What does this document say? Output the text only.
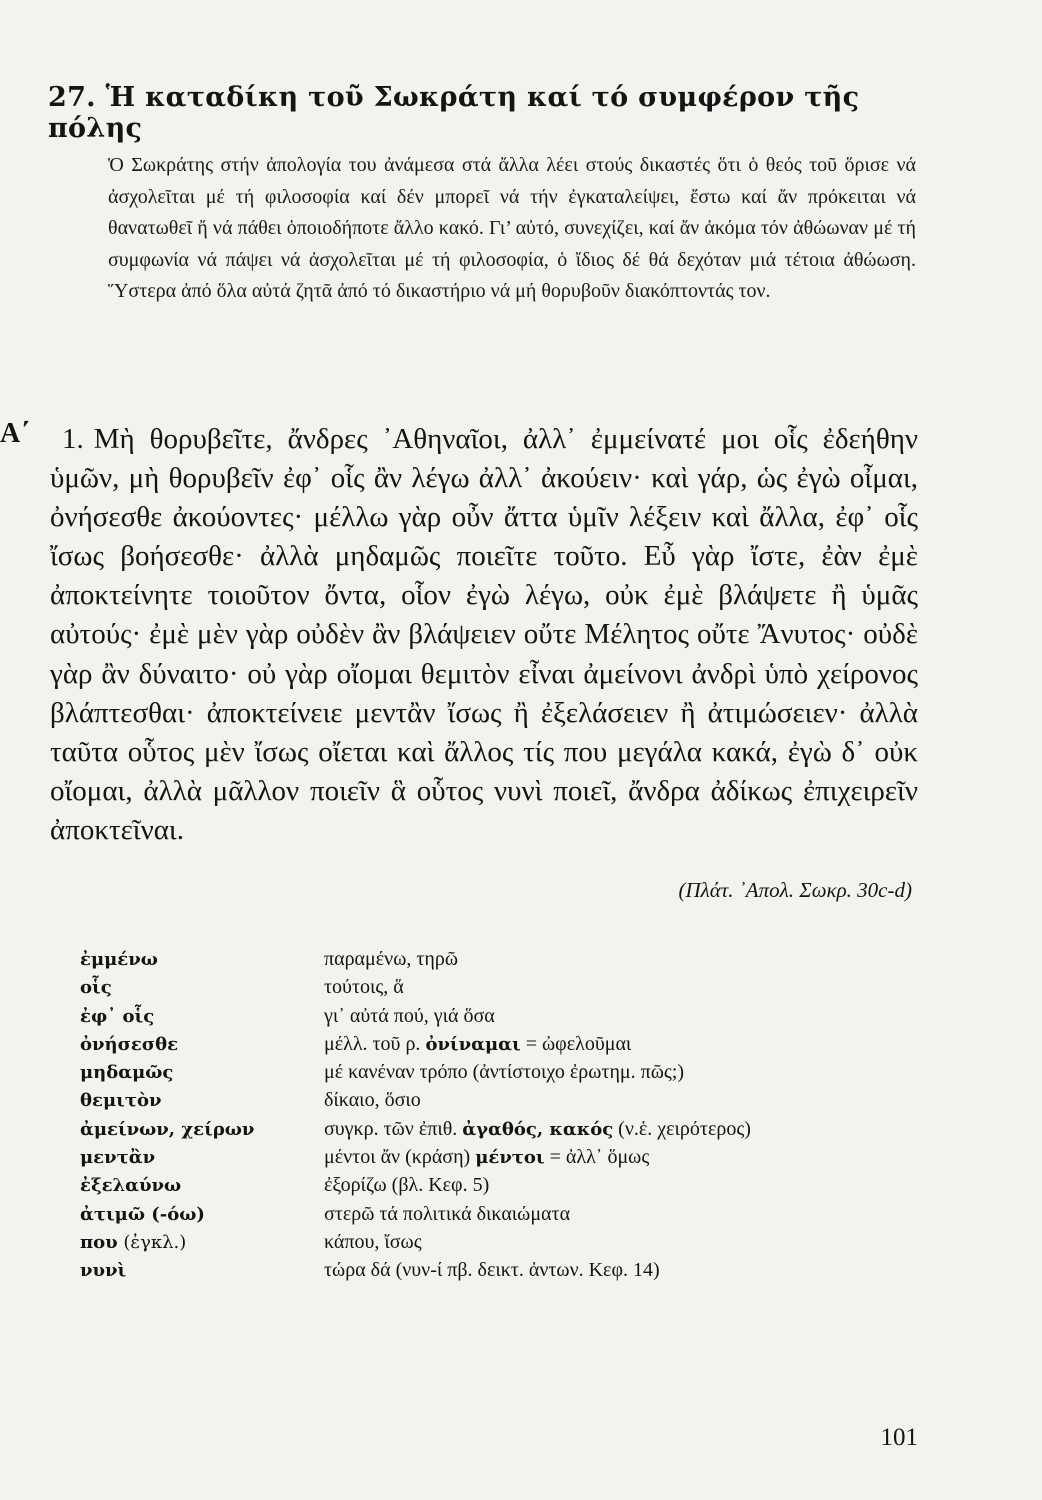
27. Ἡ καταδίκη τοῦ Σωκράτη καί τό συμφέρον τῆς πόλης

Ὁ Σωκράτης στήν ἀπολογία του ἀνάμεσα στά ἄλλα λέει στούς δικαστές ὅτι ὁ θεός τοῦ ὅρισε νά ἀσχολεῖται μέ τή φιλοσοφία καί δέν μπορεῖ νά τήν ἐγκαταλείψει, ἔστω καί ἄν πρόκειται νά θανατωθεῖ ἤ νά πάθει ὁποιοδήποτε ἄλλο κακό. Γι’ αὐτό, συνεχίζει, καί ἄν ἀκόμα τόν ἀθώωναν μέ τή συμφωνία νά πάψει νά ἀσχολεῖται μέ τή φιλοσοφία, ὁ ἴδιος δέ θά δεχόταν μιά τέτοια ἀθώωση. Ὕστερα ἀπό ὅλα αὐτά ζητᾶ ἀπό τό δικαστήριο νά μή θορυβοῦν διακόπτοντάς τον.

Α΄	1. Μὴ θορυβεῖτε, ἄνδρες ᾿Αθηναῖοι, ἀλλ᾿ ἐμμείνατέ μοι οἷς ἐδεήθην ὑμῶν, μὴ θορυβεῖν ἐφ᾿ οἷς ἂν λέγω ἀλλ᾿ ἀκούειν· καὶ γάρ, ὡς ἐγὼ οἶμαι, ὀνήσεσθε ἀκούοντες· μέλλω γὰρ οὖν ἄττα ὑμῖν λέξειν καὶ ἄλλα, ἐφ᾿ οἷς ἴσως βοήσεσθε· ἀλλὰ μηδαμῶς ποιεῖτε τοῦτο. Εὖ γὰρ ἴστε, ἐὰν ἐμὲ ἀποκτείνητε τοιοῦτον ὄντα, οἷον ἐγὼ λέγω, οὐκ ἐμὲ βλάψετε ἢ ὑμᾶς αὐτούς· ἐμὲ μὲν γὰρ οὐδὲν ἂν βλάψειεν οὔτε Μέλητος οὔτε Ἄνυτος· οὐδὲ γὰρ ἂν δύναιτο· οὐ γὰρ οἴομαι θεμιτὸν εἶναι ἀμείνονι ἀνδρὶ ὑπὸ χείρονος βλάπτεσθαι· ἀποκτείνειε μεντἂν ἴσως ἢ ἐξελάσειεν ἢ ἀτιμώσειεν· ἀλλὰ ταῦτα οὗτος μὲν ἴσως οἴεται καὶ ἄλλος τίς που μεγάλα κακά, ἐγὼ δ᾿ οὐκ οἴομαι, ἀλλὰ μᾶλλον ποιεῖν ἃ οὗτος νυνὶ ποιεῖ, ἄνδρα ἀδίκως ἐπιχειρεῖν ἀποκτεῖναι.

(Πλάτ. ᾿Απολ. Σωκρ. 30c-d)
ἐμμένω	παραμένω, τηρῶ
οἷς	τούτοις, ἅ
ἐφ᾿ οἷς	γι᾿ αὐτά πού, γιά ὅσα
ὀνήσεσθε	μέλλ. τοῦ ρ. ὀνίναμαι = ὠφελοῦμαι
μηδαμῶς	μέ κανέναν τρόπο (ἀντίστοιχο ἐρωτημ. πῶς;)
θεμιτὸν	δίκαιο, ὅσιο
ἀμείνων, χείρων	συγκρ. τῶν ἐπιθ. ἀγαθός, κακός (ν.ἑ. χειρότερος)
μεντἂν	μέντοι ἄν (κράση) μέντοι = ἀλλ᾿ ὅμως
ἐξελαύνω	ἐξορίζω (βλ. Κεφ. 5)
ἀτιμῶ (-όω)	στερῶ τά πολιτικά δικαιώματα
που (ἐγκλ.)	κάπου, ἴσως
νυνὶ	τώρα δά (νυν-ί πβ. δεικτ. ἀντων. Κεφ. 14)
101
